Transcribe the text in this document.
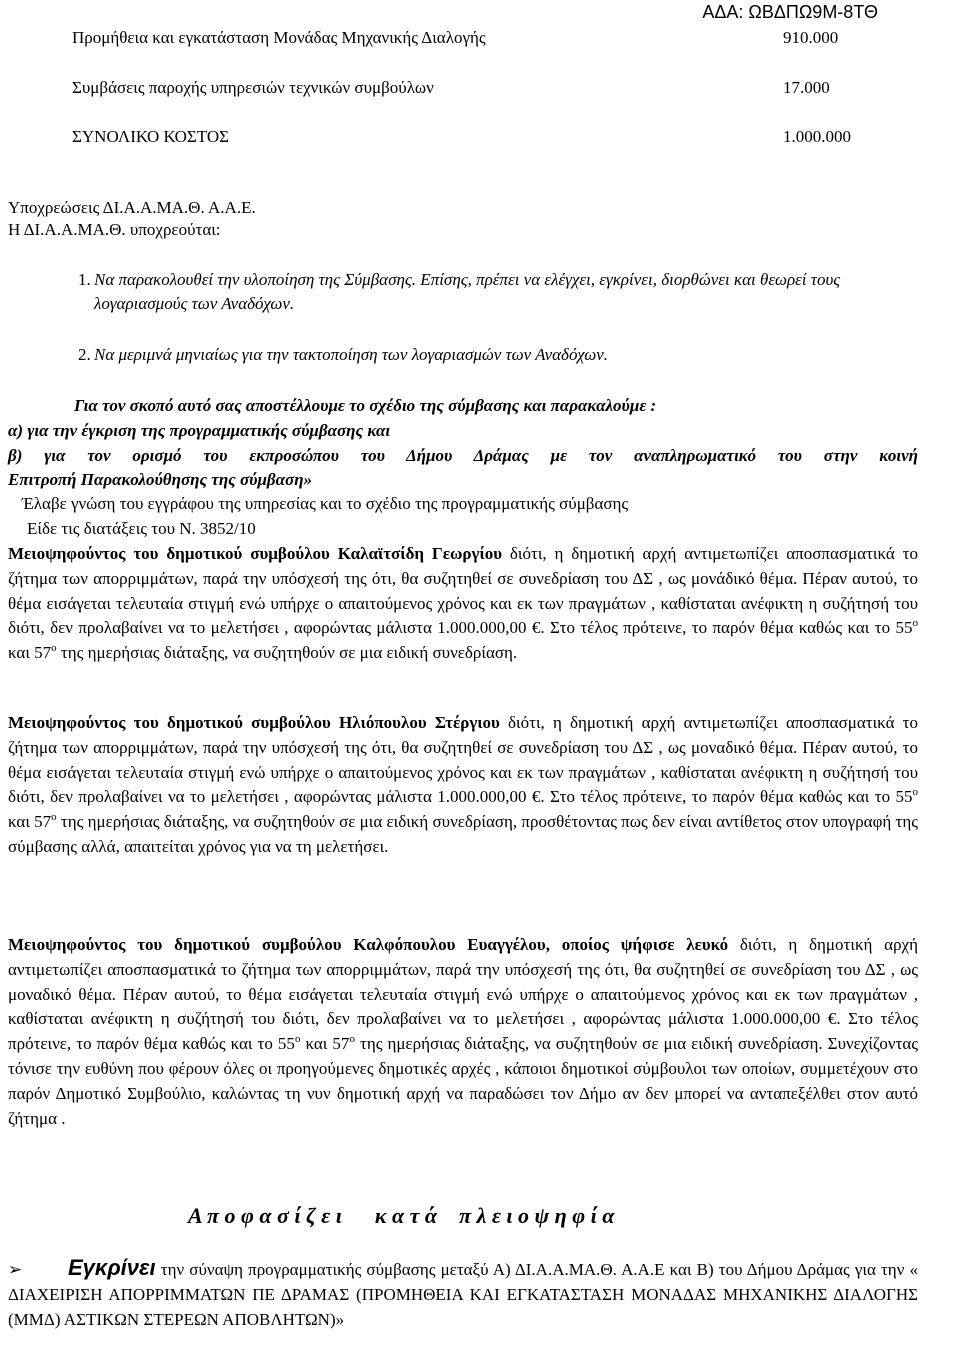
ΑΔΑ: ΩΒΔΠΩ9Μ-8ΤΘ
Προμήθεια και εγκατάσταση Μονάδας Μηχανικής Διαλογής	910.000
Συμβάσεις παροχής υπηρεσιών τεχνικών συμβούλων	17.000
ΣΥΝΟΛΙΚΟ ΚΟΣΤΟΣ	1.000.000
Υποχρεώσεις ΔΙ.Α.Α.ΜΑ.Θ. Α.Α.Ε.
Η ΔΙ.Α.Α.ΜΑ.Θ. υποχρεούται:
1. Να παρακολουθεί την υλοποίηση της Σύμβασης. Επίσης, πρέπει να ελέγχει, εγκρίνει, διορθώνει και θεωρεί τους λογαριασμούς των Αναδόχων.
2. Να μεριμνά μηνιαίως για την τακτοποίηση των λογαριασμών των Αναδόχων.
Για τον σκοπό αυτό σας αποστέλλουμε το σχέδιο της σύμβασης και παρακαλούμε :
α) για την έγκριση της προγραμματικής σύμβασης και
β) για τον ορισμό του εκπροσώπου του Δήμου Δράμας με τον αναπληρωματικό του στην κοινή
Επιτροπή Παρακολούθησης της σύμβαση»
Έλαβε γνώση του εγγράφου της υπηρεσίας και το σχέδιο της προγραμματικής σύμβασης
Είδε τις διατάξεις του Ν. 3852/10
Μειοψηφούντος του δημοτικού συμβούλου Καλαϊτσίδη Γεωργίου διότι, η δημοτική αρχή αντιμετωπίζει αποσπασματικά το ζήτημα των απορριμμάτων, παρά την υπόσχεσή της ότι, θα συζητηθεί σε συνεδρίαση του ΔΣ , ως μονάδικό θέμα. Πέραν αυτού, το θέμα εισάγεται τελευταία στιγμή ενώ υπήρχε ο απαιτούμενος χρόνος και εκ των πραγμάτων , καθίσταται ανέφικτη η συζήτησή του διότι, δεν προλαβαίνει να το μελετήσει , αφορώντας μάλιστα 1.000.000,00 €. Στο τέλος πρότεινε, το παρόν θέμα καθώς και το $55^o$ και $57^o$ της ημερήσιας διάταξης, να συζητηθούν σε μια ειδική συνεδρίαση.
Μειοψηφούντος του δημοτικού συμβούλου Ηλιόπουλου Στέργιου διότι, η δημοτική αρχή αντιμετωπίζει αποσπασματικά το ζήτημα των απορριμμάτων, παρά την υπόσχεσή της ότι, θα συζητηθεί σε συνεδρίαση του ΔΣ , ως μοναδικό θέμα. Πέραν αυτού, το θέμα εισάγεται τελευταία στιγμή ενώ υπήρχε ο απαιτούμενος χρόνος και εκ των πραγμάτων , καθίσταται ανέφικτη η συζήτησή του διότι, δεν προλαβαίνει να το μελετήσει , αφορώντας μάλιστα 1.000.000,00 €. Στο τέλος πρότεινε, το παρόν θέμα καθώς και το $55^o$ και $57^o$ της ημερήσιας διάταξης, να συζητηθούν σε μια ειδική συνεδρίαση, προσθέτοντας πως δεν είναι αντίθετος στον υπογραφή της σύμβασης αλλά, απαιτείται χρόνος για να τη μελετήσει.
Μειοψηφούντος του δημοτικού συμβούλου Καλφόπουλου Ευαγγέλου, οποίος ψήφισε λευκό διότι, η δημοτική αρχή αντιμετωπίζει αποσπασματικά το ζήτημα των απορριμμάτων, παρά την υπόσχεσή της ότι, θα συζητηθεί σε συνεδρίαση του ΔΣ , ως μοναδικό θέμα. Πέραν αυτού, το θέμα εισάγεται τελευταία στιγμή ενώ υπήρχε ο απαιτούμενος χρόνος και εκ των πραγμάτων , καθίσταται ανέφικτη η συζήτησή του διότι, δεν προλαβαίνει να το μελετήσει , αφορώντας μάλιστα 1.000.000,00 €. Στο τέλος πρότεινε, το παρόν θέμα καθώς και το $55^o$ και $57^o$ της ημερήσιας διάταξης, να συζητηθούν σε μια ειδική συνεδρίαση. Συνεχίζοντας τόνισε την ευθύνη που φέρουν όλες οι προηγούμενες δημοτικές αρχές , κάποιοι δημοτικοί σύμβουλοι των οποίων, συμμετέχουν στο παρόν Δημοτικό Συμβούλιο, καλώντας τη νυν δημοτική αρχή να παραδώσει τον Δήμο αν δεν μπορεί να ανταπεξέλθει στον αυτό ζήτημα .
Α π ο φ α σ ί ζ ε ι      κ α τ ά    π λ ε ι ο ψ η φ ί α
➢ Εγκρίνει την σύναψη προγραμματικής σύμβασης μεταξύ Α) ΔΙ.Α.Α.ΜΑ.Θ. Α.Α.Ε και Β) του Δήμου Δράμας για την « ΔΙΑΧΕΙΡΙΣΗ ΑΠΟΡΡΙΜΜΑΤΩΝ ΠΕ ΔΡΑΜΑΣ (ΠΡΟΜΗΘΕΙΑ ΚΑΙ ΕΓΚΑΤΑΣΤΑΣΗ ΜΟΝΑΔΑΣ ΜΗΧΑΝΙΚΗΣ ΔΙΑΛΟΓΗΣ (ΜΜΔ) ΑΣΤΙΚΩΝ ΣΤΕΡΕΩΝ ΑΠΟΒΛΗΤΩΝ)»
